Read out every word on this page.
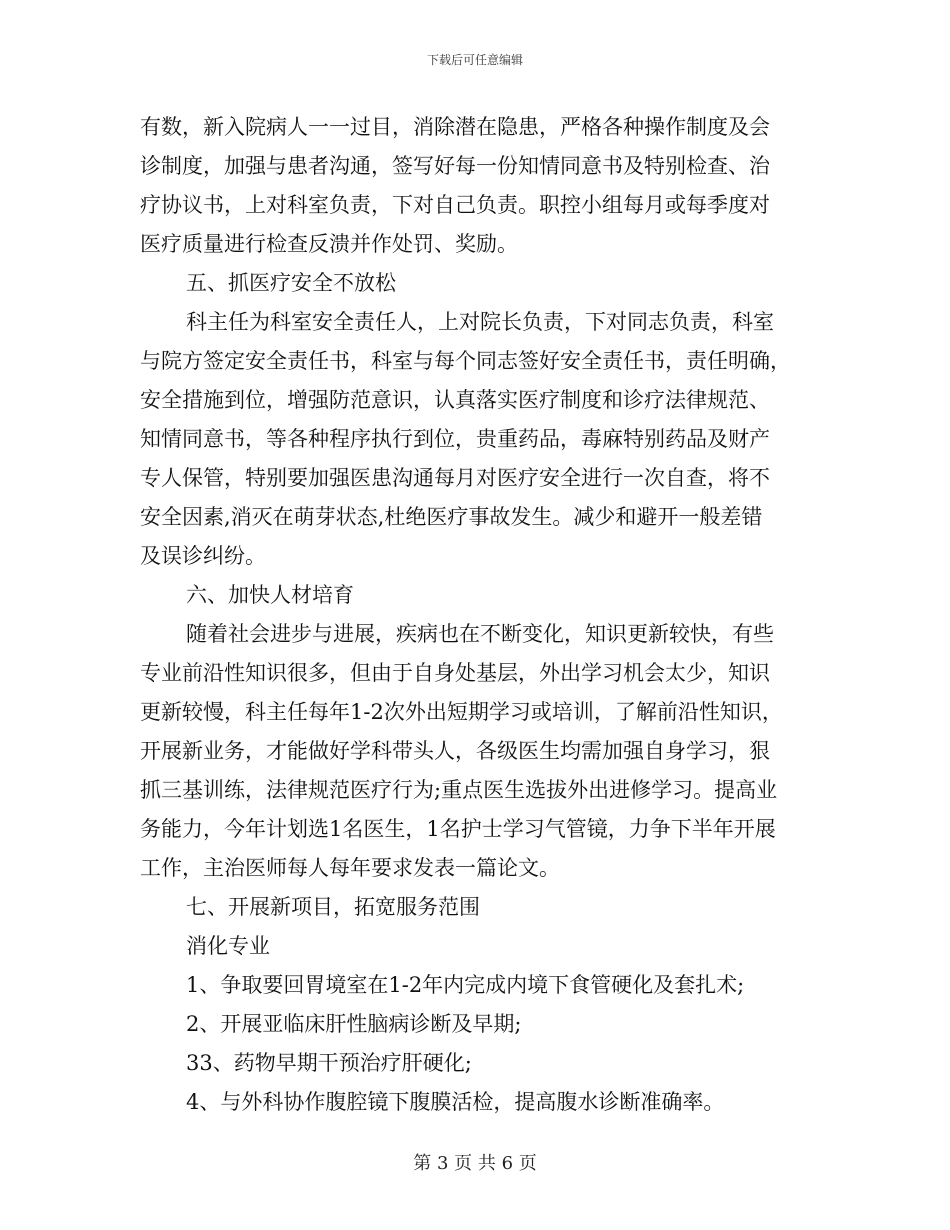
下载后可任意编辑
有数，新入院病人一一过目，消除潜在隐患，严格各种操作制度及会
诊制度，加强与患者沟通，签写好每一份知情同意书及特别检查、治
疗协议书，上对科室负责，下对自己负责。职控小组每月或每季度对
医疗质量进行检查反溃并作处罚、奖励。
五、抓医疗安全不放松
科主任为科室安全责任人，上对院长负责，下对同志负责，科室
与院方签定安全责任书，科室与每个同志签好安全责任书，责任明确，
安全措施到位，增强防范意识，认真落实医疗制度和诊疗法律规范、
知情同意书，等各种程序执行到位，贵重药品，毒麻特别药品及财产
专人保管，特别要加强医患沟通每月对医疗安全进行一次自查，将不
安全因素,消灭在萌芽状态,杜绝医疗事故发生。减少和避开一般差错
及误诊纠纷。
六、加快人材培育
随着社会进步与进展，疾病也在不断变化，知识更新较快，有些
专业前沿性知识很多，但由于自身处基层，外出学习机会太少，知识
更新较慢，科主任每年1-2次外出短期学习或培训，了解前沿性知识，
开展新业务，才能做好学科带头人，各级医生均需加强自身学习，狠
抓三基训练，法律规范医疗行为;重点医生选拔外出进修学习。提高业
务能力，今年计划选1名医生，1名护士学习气管镜，力争下半年开展
工作，主治医师每人每年要求发表一篇论文。
七、开展新项目，拓宽服务范围
消化专业
1、争取要回胃境室在1-2年内完成内境下食管硬化及套扎术;
2、开展亚临床肝性脑病诊断及早期;
33、药物早期干预治疗肝硬化;
4、与外科协作腹腔镜下腹膜活检，提高腹水诊断准确率。
第 3 页 共 6 页
